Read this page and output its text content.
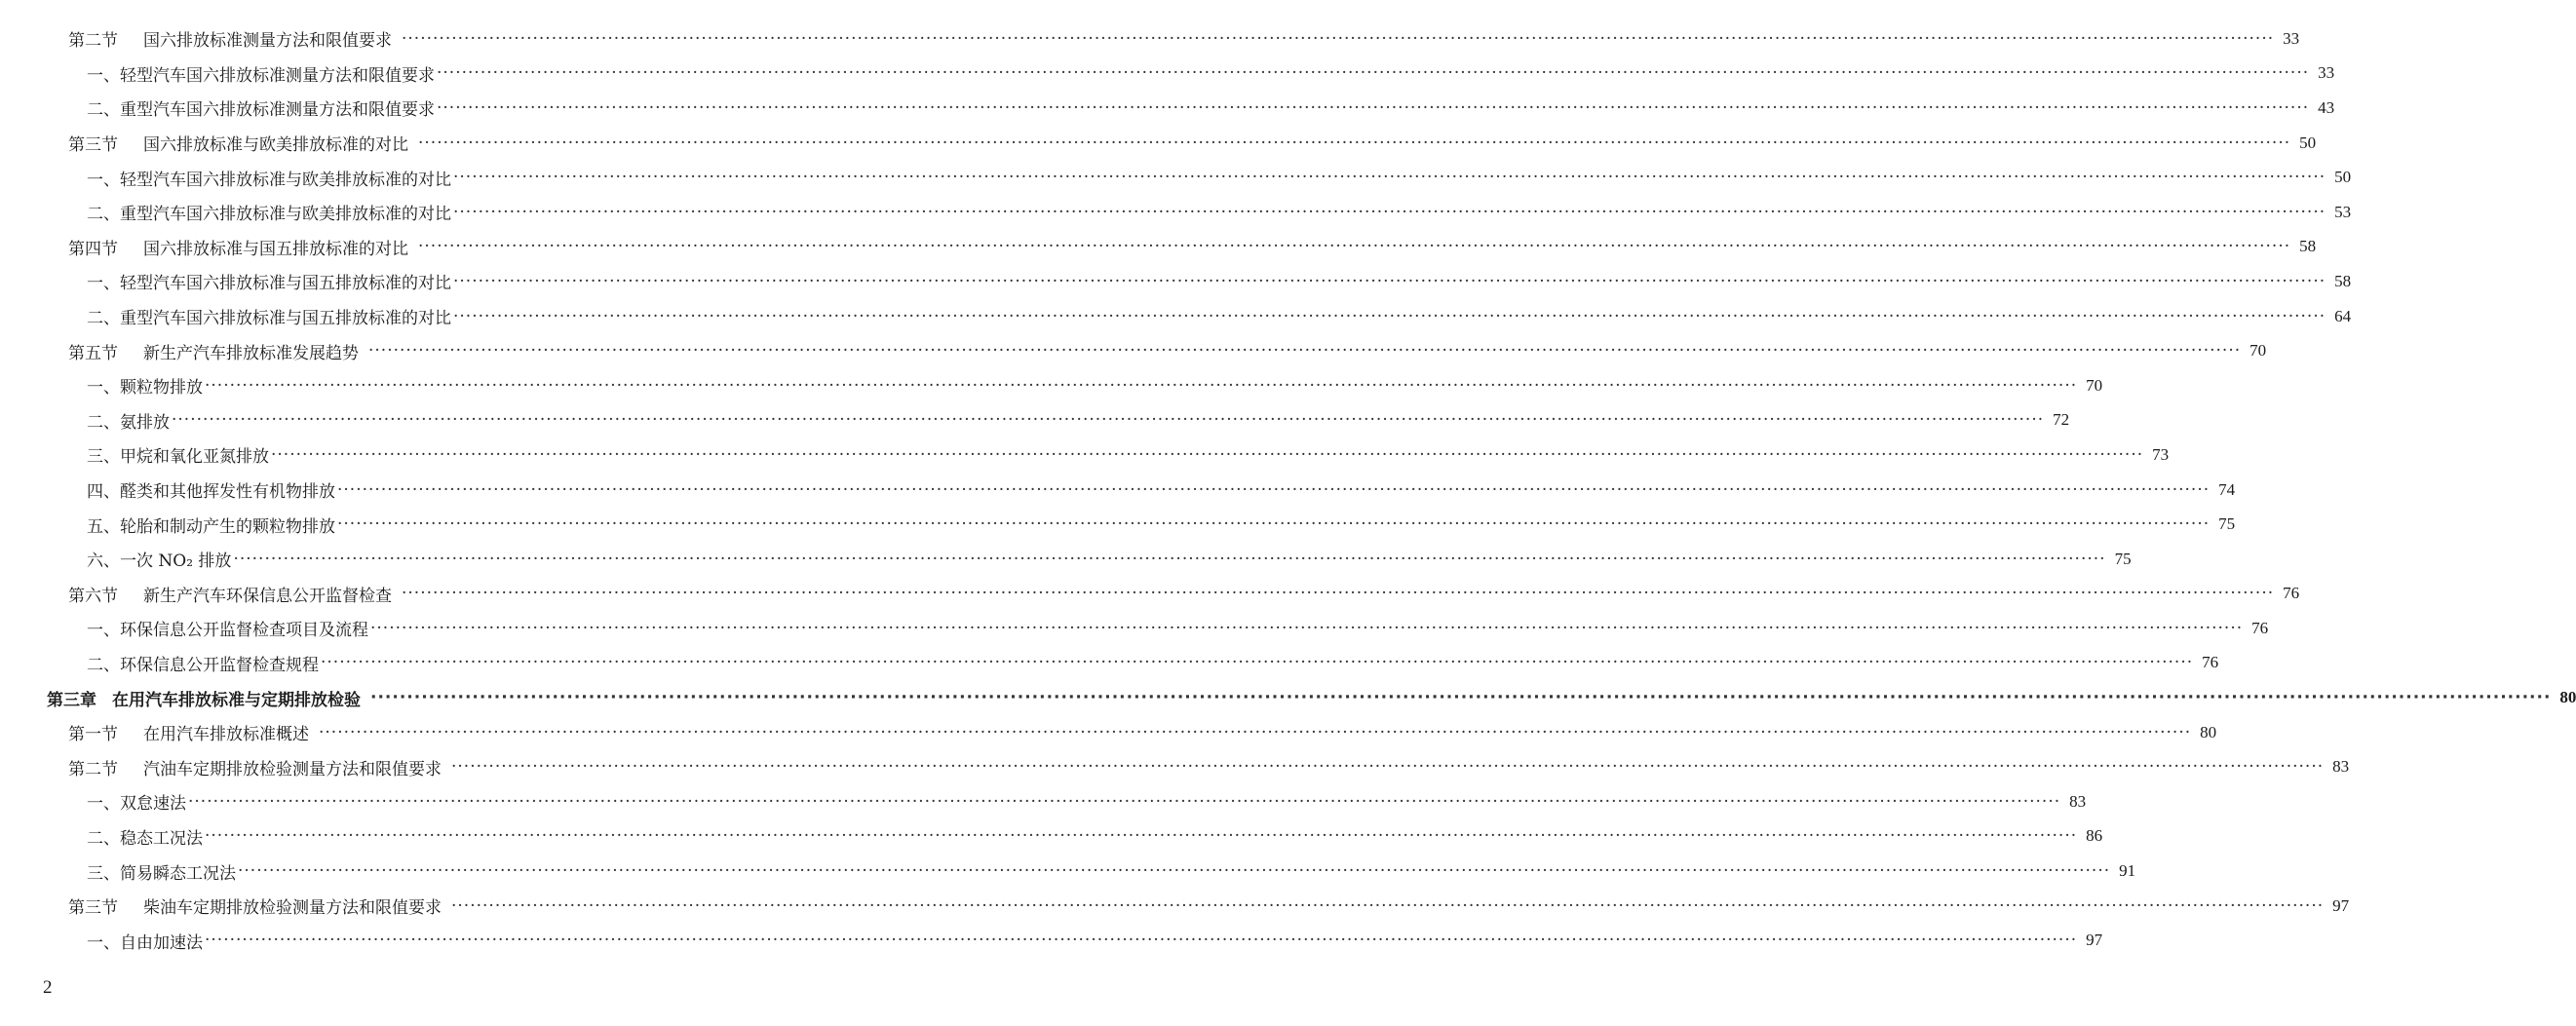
第二节 国六排放标准测量方法和限值要求 ············································································································································································································································································································ 33
一、轻型汽车国六排放标准测量方法和限值要求 ············································································································································································································································································································ 33
二、重型汽车国六排放标准测量方法和限值要求 ············································································································································································································································································································ 43
第三节 国六排放标准与欧美排放标准的对比 ············································································································································································································································································································ 50
一、轻型汽车国六排放标准与欧美排放标准的对比 ············································································································································································································································································································ 50
二、重型汽车国六排放标准与欧美排放标准的对比 ············································································································································································································································································································ 53
第四节 国六排放标准与国五排放标准的对比 ············································································································································································································································································································ 58
一、轻型汽车国六排放标准与国五排放标准的对比 ············································································································································································································································································································ 58
二、重型汽车国六排放标准与国五排放标准的对比 ············································································································································································································································································································ 64
第五节 新生产汽车排放标准发展趋势 ············································································································································································································································································································ 70
一、颗粒物排放 ············································································································································································································································································································ 70
二、氨排放 ············································································································································································································································································································ 72
三、甲烷和氧化亚氮排放 ············································································································································································································································································································ 73
四、醛类和其他挥发性有机物排放 ············································································································································································································································································································ 74
五、轮胎和制动产生的颗粒物排放 ············································································································································································································································································································ 75
六、一次 NO₂ 排放 ············································································································································································································································································································ 75
第六节 新生产汽车环保信息公开监督检查 ············································································································································································································································································································ 76
一、环保信息公开监督检查项目及流程 ············································································································································································································································································································ 76
二、环保信息公开监督检查规程 ············································································································································································································································································································ 76
第三章 在用汽车排放标准与定期排放检验 ············································································································································································································································································································ 80
第一节 在用汽车排放标准概述 ············································································································································································································································································································ 80
第二节 汽油车定期排放检验测量方法和限值要求 ············································································································································································································································································································ 83
一、双怠速法 ············································································································································································································································································································ 83
二、稳态工况法 ············································································································································································································································································································ 86
三、简易瞬态工况法 ············································································································································································································································································································ 91
第三节 柴油车定期排放检验测量方法和限值要求 ············································································································································································································································································································ 97
一、自由加速法 ············································································································································································································································································································ 97
2
